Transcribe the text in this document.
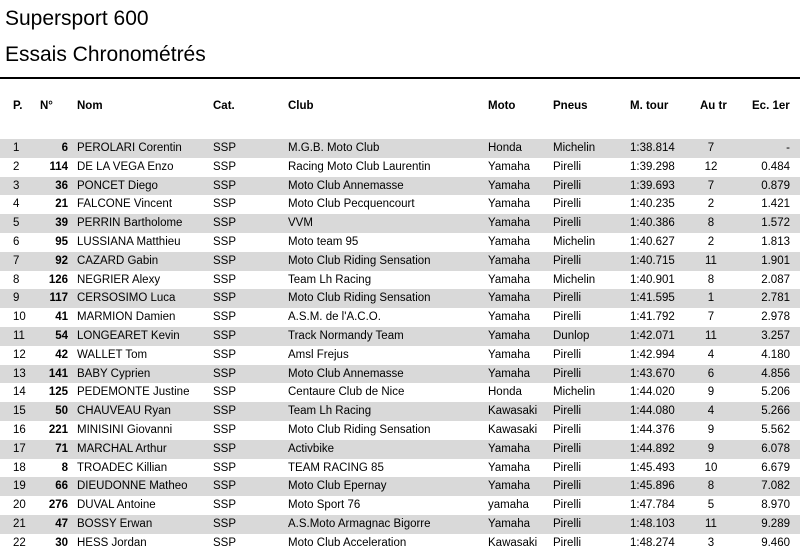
Supersport 600
Essais Chronométrés
P.	N°	Nom	Cat.	Club	Moto	Pneus	M. tour	Au tr	Ec. 1er
1	6 PEROLARI Corentin	SSP	M.G.B. Moto Club	Honda	Michelin	1:38.814	7	-
2	114 DE LA VEGA Enzo	SSP	Racing Moto Club Laurentin	Yamaha	Pirelli	1:39.298	12	0.484
3	36 PONCET Diego	SSP	Moto Club Annemasse	Yamaha	Pirelli	1:39.693	7	0.879
4	21 FALCONE Vincent	SSP	Moto Club Pecquencourt	Yamaha	Pirelli	1:40.235	2	1.421
5	39 PERRIN Bartholome	SSP	VVM	Yamaha	Pirelli	1:40.386	8	1.572
6	95 LUSSIANA Matthieu	SSP	Moto team 95	Yamaha	Michelin	1:40.627	2	1.813
7	92 CAZARD Gabin	SSP	Moto Club Riding Sensation	Yamaha	Pirelli	1:40.715	11	1.901
8	126 NEGRIER Alexy	SSP	Team Lh Racing	Yamaha	Michelin	1:40.901	8	2.087
9	117 CERSOSIMO Luca	SSP	Moto Club Riding Sensation	Yamaha	Pirelli	1:41.595	1	2.781
10	41 MARMION Damien	SSP	A.S.M. de l'A.C.O.	Yamaha	Pirelli	1:41.792	7	2.978
11	54 LONGEARET Kevin	SSP	Track Normandy Team	Yamaha	Dunlop	1:42.071	11	3.257
12	42 WALLET Tom	SSP	Amsl Frejus	Yamaha	Pirelli	1:42.994	4	4.180
13	141 BABY Cyprien	SSP	Moto Club Annemasse	Yamaha	Pirelli	1:43.670	6	4.856
14	125 PEDEMONTE Justine	SSP	Centaure Club de Nice	Honda	Michelin	1:44.020	9	5.206
15	50 CHAUVEAU Ryan	SSP	Team Lh Racing	Kawasaki	Pirelli	1:44.080	4	5.266
16	221 MINISINI Giovanni	SSP	Moto Club Riding Sensation	Kawasaki	Pirelli	1:44.376	9	5.562
17	71 MARCHAL Arthur	SSP	Activbike	Yamaha	Pirelli	1:44.892	9	6.078
18	8 TROADEC Killian	SSP	TEAM RACING 85	Yamaha	Pirelli	1:45.493	10	6.679
19	66 DIEUDONNE Matheo	SSP	Moto Club Epernay	Yamaha	Pirelli	1:45.896	8	7.082
20	276 DUVAL Antoine	SSP	Moto Sport 76	yamaha	Pirelli	1:47.784	5	8.970
21	47 BOSSY Erwan	SSP	A.S.Moto Armagnac Bigorre	Yamaha	Pirelli	1:48.103	11	9.289
22	30 HESS Jordan	SSP	Moto Club Acceleration	Kawasaki	Pirelli	1:48.274	3	9.460
